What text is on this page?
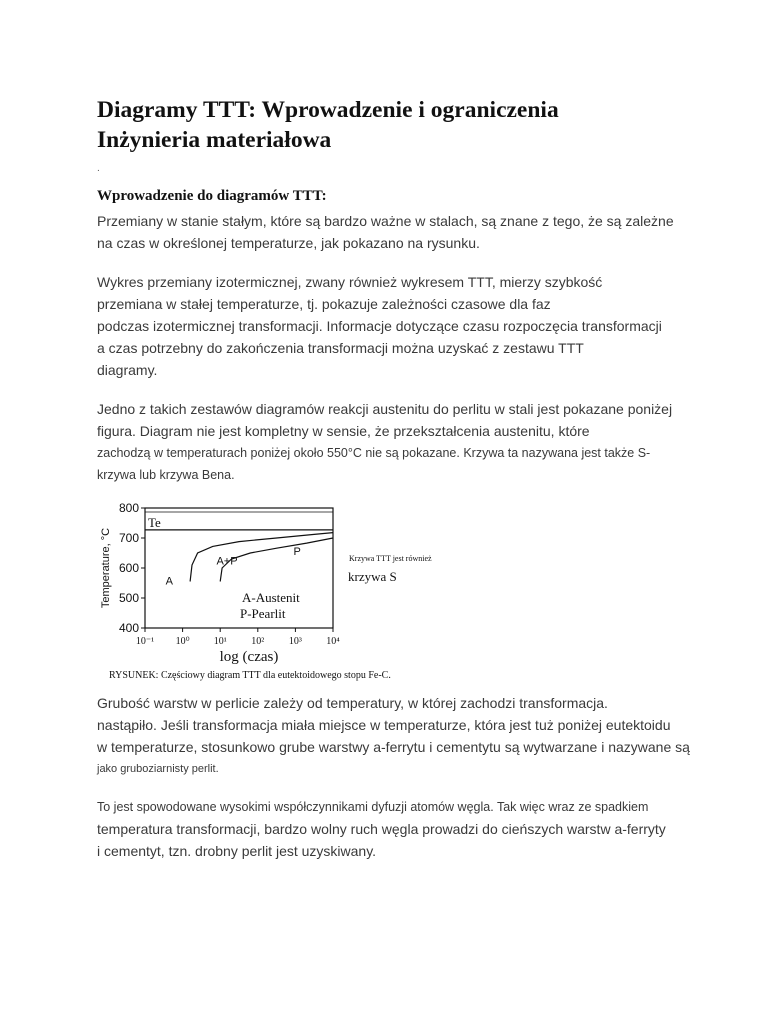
Diagramy TTT: Wprowadzenie i ograniczenia
Inżynieria materiałowa
.
Wprowadzenie do diagramów TTT:

Przemiany w stanie stałym, które są bardzo ważne w stalach, są znane z tego, że są zależne
na czas w określonej temperaturze, jak pokazano na rysunku.

Wykres przemiany izotermicznej, zwany również wykresem TTT, mierzy szybkość
przemiana w stałej temperaturze, tj. pokazuje zależności czasowe dla faz
podczas izotermicznej transformacji. Informacje dotyczące czasu rozpoczęcia transformacji
a czas potrzebny do zakończenia transformacji można uzyskać z zestawu TTT
diagramy.

Jedno z takich zestawów diagramów reakcji austenitu do perlitu w stali jest pokazane poniżej
figura. Diagram nie jest kompletny w sensie, że przekształcenia austenitu, które
zachodzą w temperaturach poniżej około 550°C nie są pokazane. Krzywa ta nazywana jest także S-
krzywa lub krzywa Bena.

400
500
600
700
800
10⁻¹ 10⁰ 10¹ 10² 10³ 10⁴
log (czas)
Temperature, °C
Te
A
A+P
P
A-Austenit
P-Pearlit
Krzywa TTT jest również
krzywa S
RYSUNEK: Częściowy diagram TTT dla eutektoidowego stopu Fe-C.

Grubość warstw w perlicie zależy od temperatury, w której zachodzi transformacja.
nastąpiło. Jeśli transformacja miała miejsce w temperaturze, która jest tuż poniżej eutektoidu
w temperaturze, stosunkowo grube warstwy a-ferrytu i cementytu są wytwarzane i nazywane są
jako gruboziarnisty perlit.

To jest spowodowane wysokimi współczynnikami dyfuzji atomów węgla. Tak więc wraz ze spadkiem
temperatura transformacji, bardzo wolny ruch węgla prowadzi do cieńszych warstw a-ferryty
i cementyt, tzn. drobny perlit jest uzyskiwany.
